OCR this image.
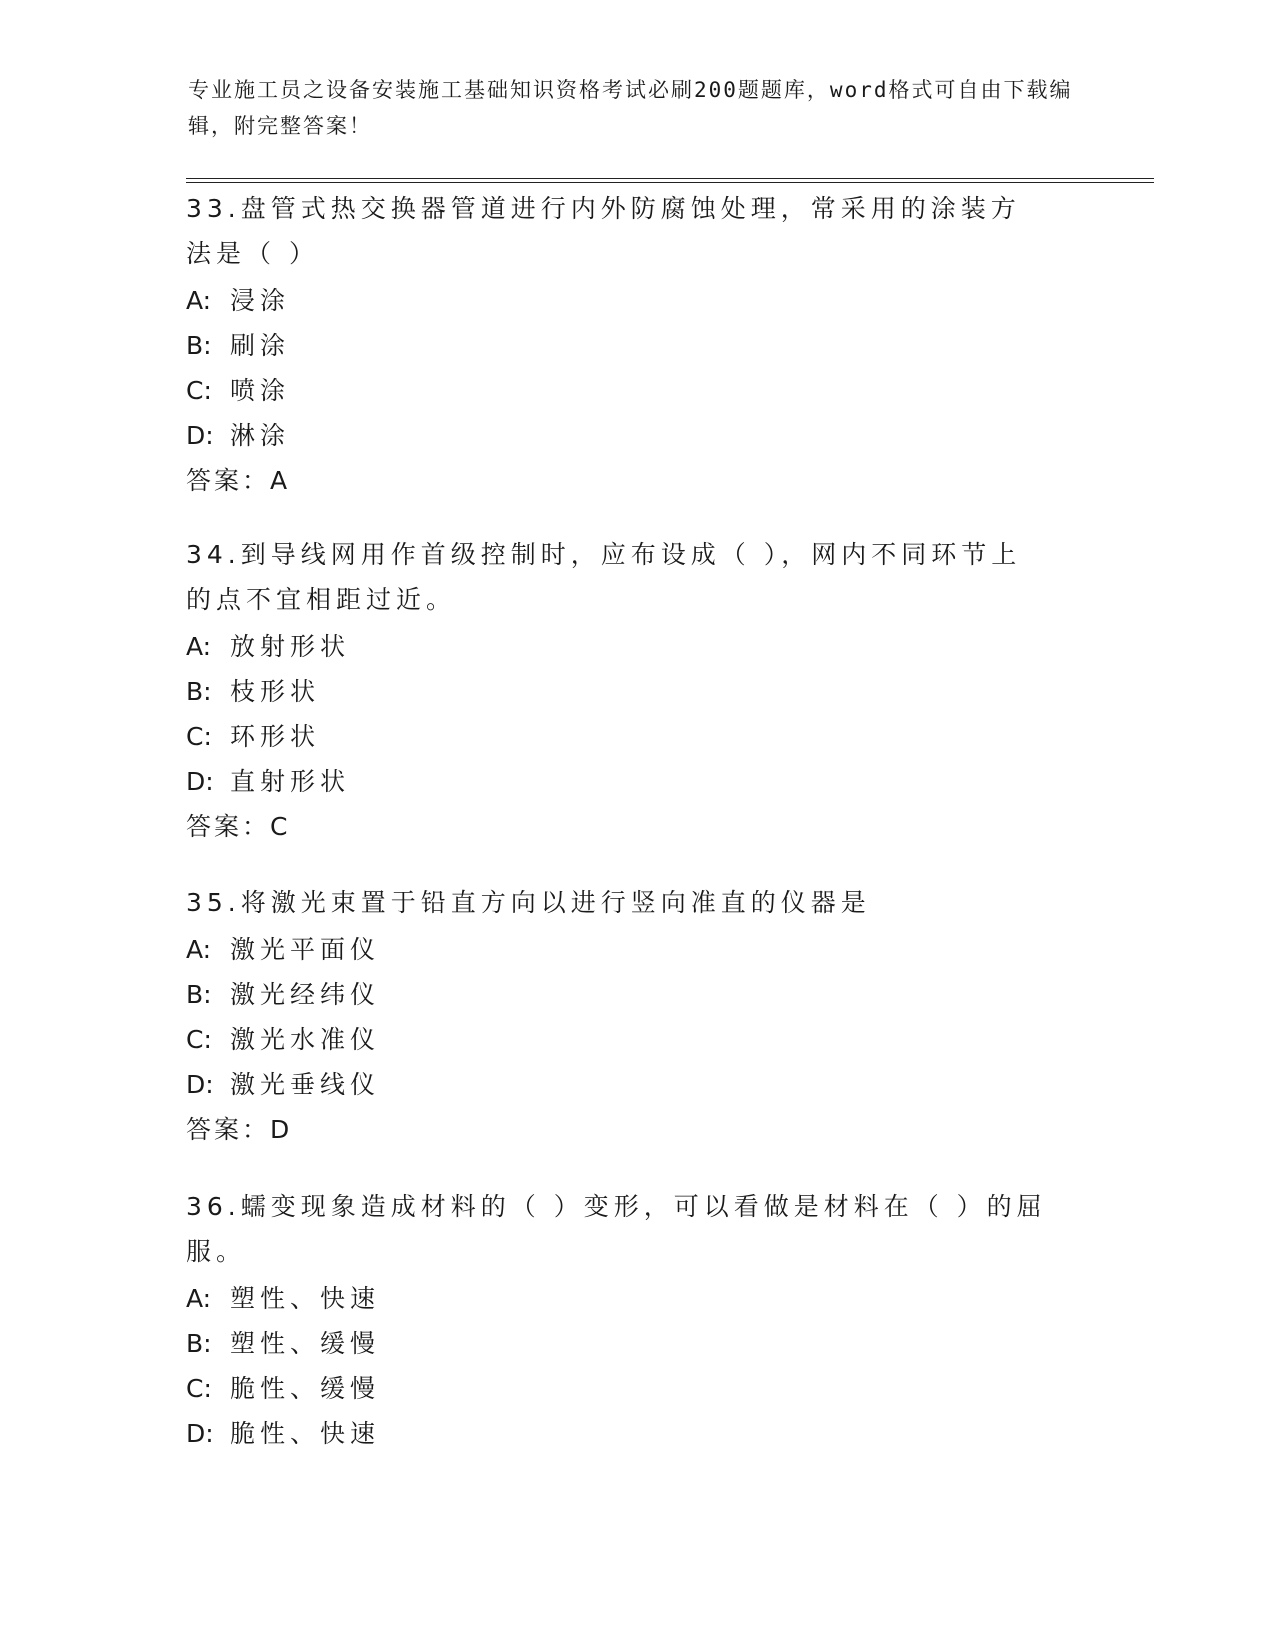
专业施工员之设备安装施工基础知识资格考试必刷200题题库，word格式可自由下载编辑，附完整答案！
33.盘管式热交换器管道进行内外防腐蚀处理，常采用的涂装方法是（ ）
A: 浸涂
B: 刷涂
C: 喷涂
D: 淋涂
答案：A
34.到导线网用作首级控制时，应布设成（ ），网内不同环节上的点不宜相距过近。
A: 放射形状
B: 枝形状
C: 环形状
D: 直射形状
答案：C
35.将激光束置于铅直方向以进行竖向准直的仪器是
A: 激光平面仪
B: 激光经纬仪
C: 激光水准仪
D: 激光垂线仪
答案：D
36.蠕变现象造成材料的（ ）变形，可以看做是材料在（ ）的屈服。
A: 塑性、快速
B: 塑性、缓慢
C: 脆性、缓慢
D: 脆性、快速
